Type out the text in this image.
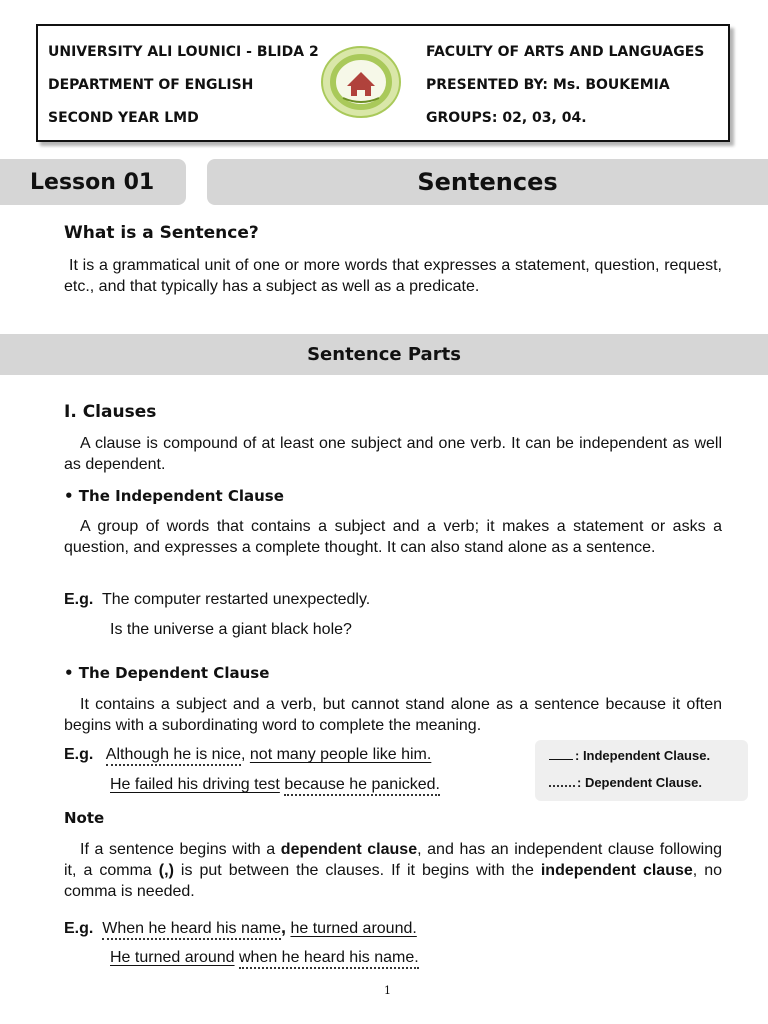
UNIVERSITY ALI LOUNICI - BLIDA 2
DEPARTMENT OF ENGLISH
SECOND YEAR LMD
FACULTY OF ARTS AND LANGUAGES
PRESENTED BY: Ms. BOUKEMIA
GROUPS: 02, 03, 04.
Lesson 01	Sentences
What is a Sentence?

It is a grammatical unit of one or more words that expresses a statement, question, request, etc., and that typically has a subject as well as a predicate.

Sentence Parts
I. Clauses

A clause is compound of at least one subject and one verb. It can be independent as well as dependent.

• The Independent Clause

A group of words that contains a subject and a verb; it makes a statement or asks a question, and expresses a complete thought. It can also stand alone as a sentence.

E.g. The computer restarted unexpectedly.
Is the universe a giant black hole?
• The Dependent Clause

It contains a subject and a verb, but cannot stand alone as a sentence because it often begins with a subordinating word to complete the meaning.

E.g. Although he is nice, not many people like him.
He failed his driving test because he panicked.
: Independent Clause.
: Dependent Clause.
Note

If a sentence begins with a dependent clause, and has an independent clause following it, a comma (,) is put between the clauses. If it begins with the independent clause, no comma is needed.

E.g. When he heard his name, he turned around.
He turned around when he heard his name.
1
